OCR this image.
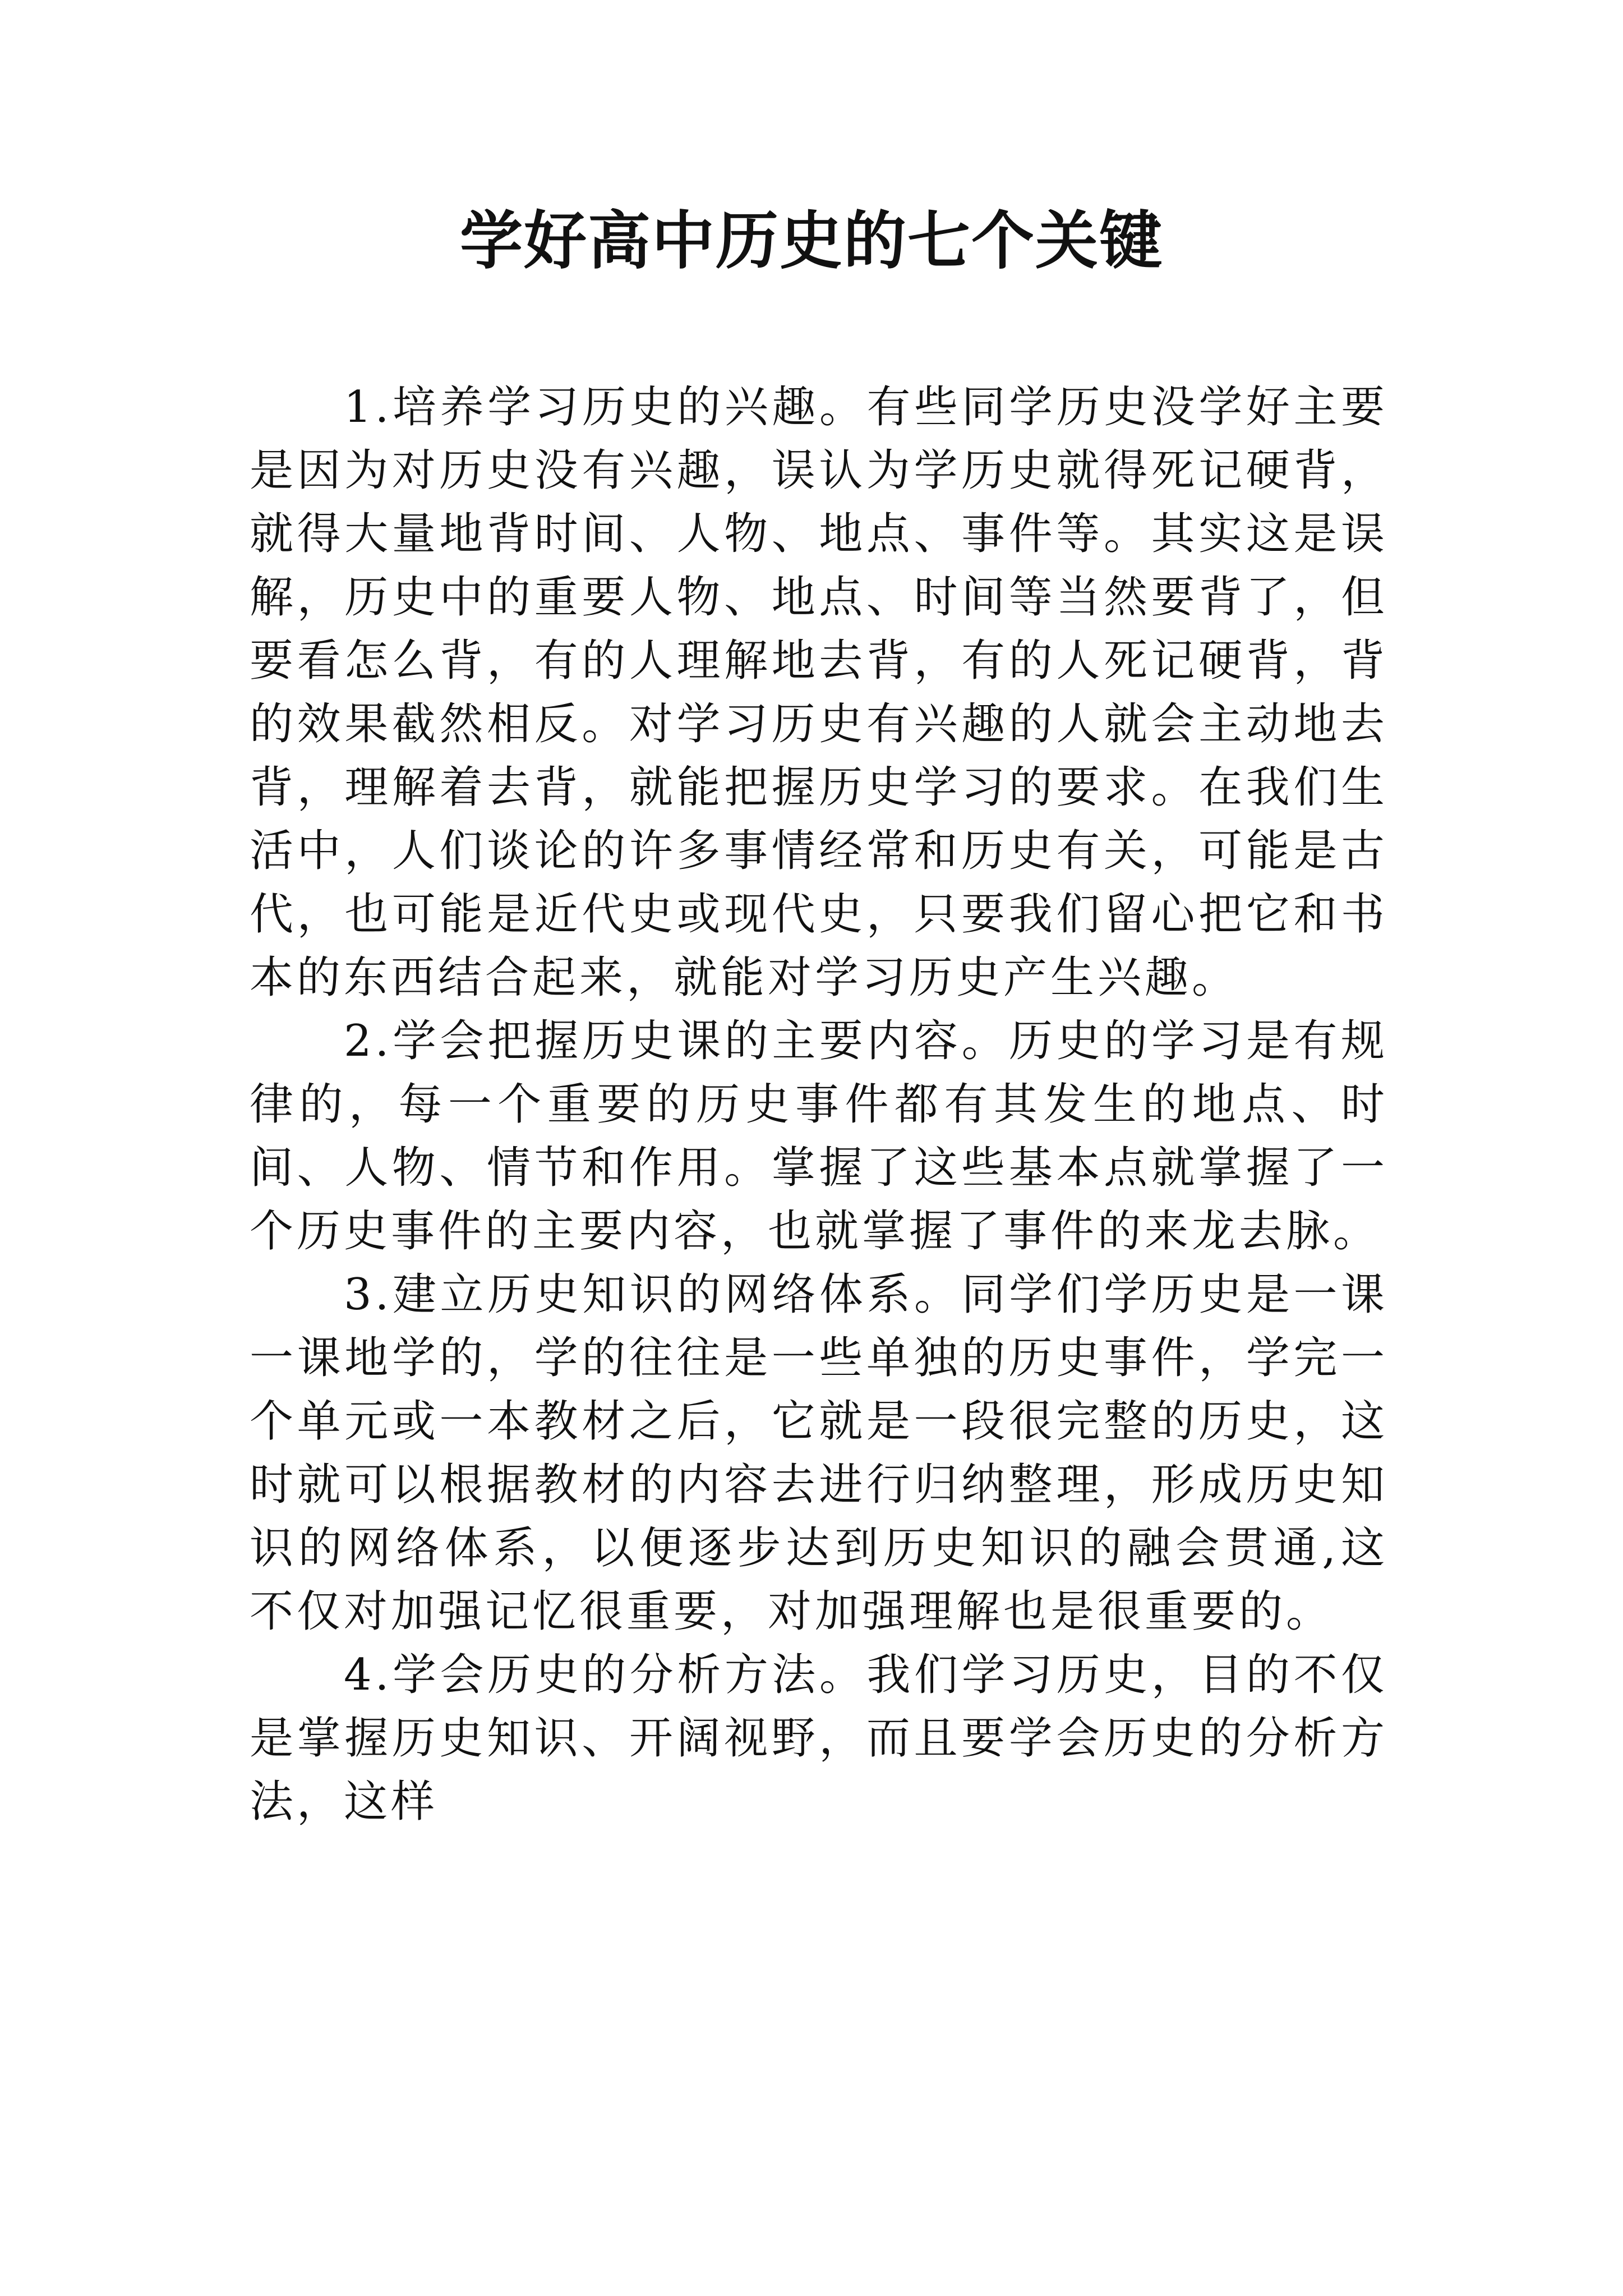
学好高中历史的七个关键

1.培养学习历史的兴趣。有些同学历史没学好主要是因为对历史没有兴趣，误认为学历史就得死记硬背，就得大量地背时间、人物、地点、事件等。其实这是误解，历史中的重要人物、地点、时间等当然要背了，但要看怎么背，有的人理解地去背，有的人死记硬背，背的效果截然相反。对学习历史有兴趣的人就会主动地去背，理解着去背，就能把握历史学习的要求。在我们生活中，人们谈论的许多事情经常和历史有关，可能是古代，也可能是近代史或现代史，只要我们留心把它和书本的东西结合起来，就能对学习历史产生兴趣。

2.学会把握历史课的主要内容。历史的学习是有规律的，每一个重要的历史事件都有其发生的地点、时间、人物、情节和作用。掌握了这些基本点就掌握了一个历史事件的主要内容，也就掌握了事件的来龙去脉。

3.建立历史知识的网络体系。同学们学历史是一课一课地学的，学的往往是一些单独的历史事件，学完一个单元或一本教材之后，它就是一段很完整的历史，这时就可以根据教材的内容去进行归纳整理，形成历史知识的网络体系，以便逐步达到历史知识的融会贯通,这不仅对加强记忆很重要，对加强理解也是很重要的。

4.学会历史的分析方法。我们学习历史，目的不仅是掌握历史知识、开阔视野，而且要学会历史的分析方法，这样
